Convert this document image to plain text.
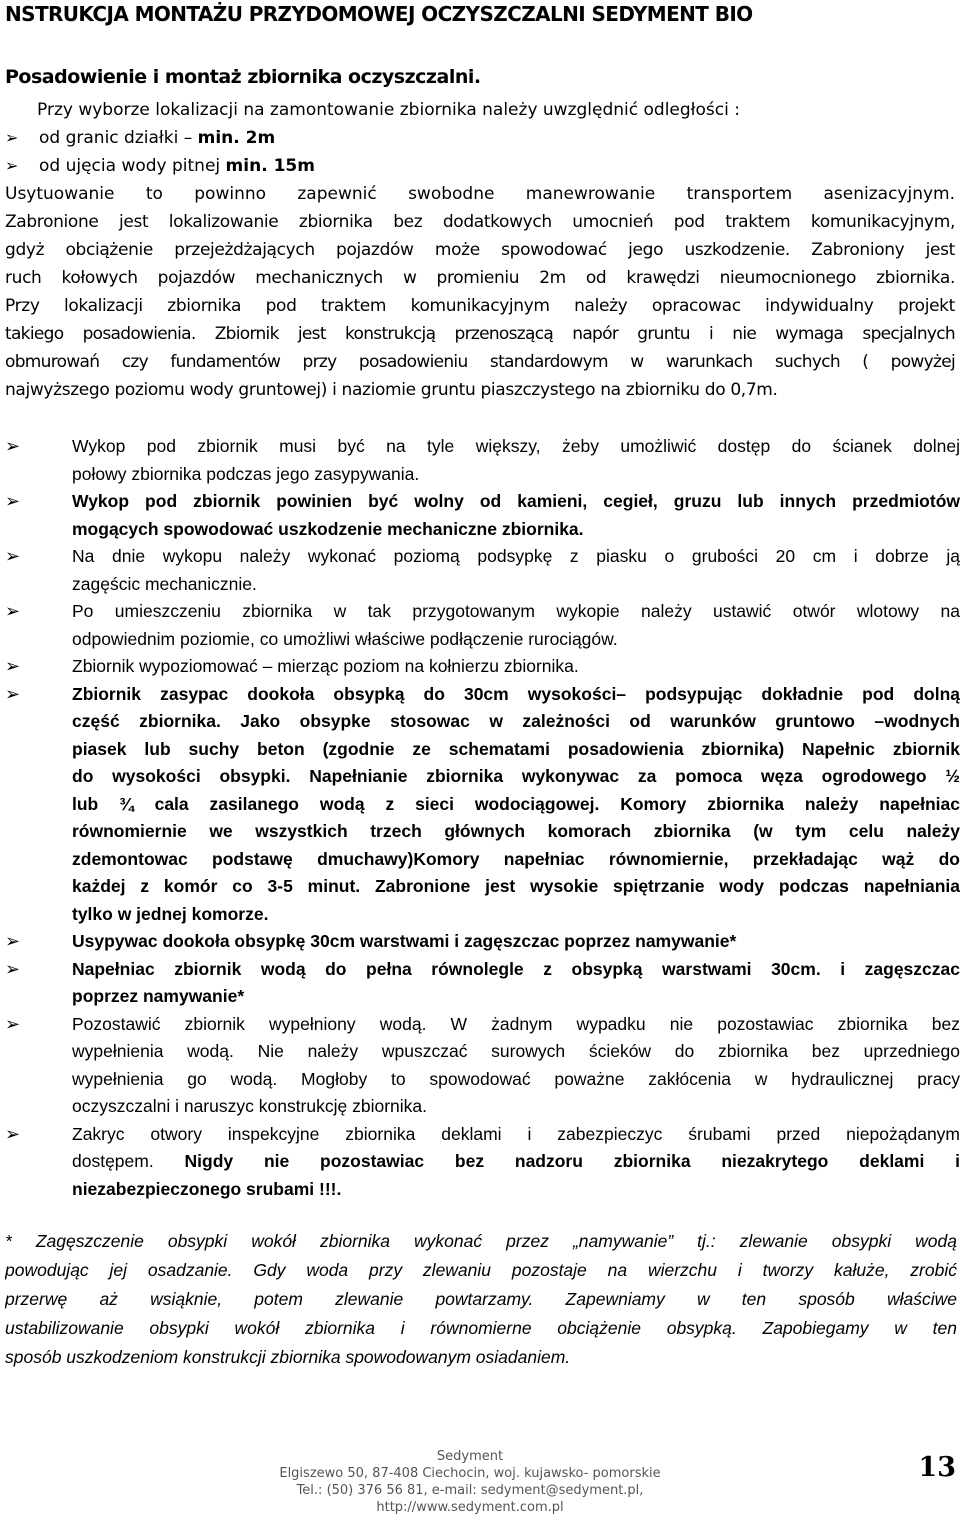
NSTRUKCJA MONTAŻU PRZYDOMOWEJ OCZYSZCZALNI SEDYMENT BIO
Posadowienie i montaż zbiornika oczyszczalni.
Przy wyborze lokalizacji na zamontowanie zbiornika należy uwzględnić odległości :
➢ od granic działki – min. 2m
➢ od ujęcia wody pitnej min. 15m
Usytuowanie to powinno zapewnić swobodne manewrowanie transportem asenizacyjnym.
Zabronione jest lokalizowanie zbiornika bez dodatkowych umocnień pod traktem komunikacyjnym,
gdyż obciążenie przejeżdżających pojazdów może spowodować jego uszkodzenie. Zabroniony jest
ruch kołowych pojazdów mechanicznych w promieniu 2m od krawędzi nieumocnionego zbiornika.
Przy lokalizacji zbiornika pod traktem komunikacyjnym należy opracowac indywidualny projekt
takiego posadowienia. Zbiornik jest konstrukcją przenoszącą napór gruntu i nie wymaga specjalnych
obmurowań czy fundamentów przy posadowieniu standardowym w warunkach suchych ( powyżej
najwyższego poziomu wody gruntowej) i naziomie gruntu piaszczystego na zbiorniku do 0,7m.
➢	Wykop pod zbiornik musi być na tyle większy, żeby umożliwić dostęp do ścianek dolnej
połowy zbiornika podczas jego zasypywania.
➢	Wykop pod zbiornik powinien być wolny od kamieni, cegieł, gruzu lub innych przedmiotów
mogących spowodować uszkodzenie mechaniczne zbiornika.
➢	Na dnie wykopu należy wykonać poziomą podsypkę z piasku o grubości 20 cm i dobrze ją
zagęścic mechanicznie.
➢	Po umieszczeniu zbiornika w tak przygotowanym wykopie należy ustawić otwór wlotowy na
odpowiednim poziomie, co umożliwi właściwe podłączenie rurociągów.
➢	Zbiornik wypoziomować – mierząc poziom na kołnierzu zbiornika.
➢	Zbiornik zasypac dookoła obsypką do 30cm wysokości– podsypując dokładnie pod dolną
część zbiornika. Jako obsypke stosowac w zależności od warunków gruntowo –wodnych
piasek lub suchy beton (zgodnie ze schematami posadowienia zbiornika) Napełnic zbiornik
do wysokości obsypki. Napełnianie zbiornika wykonywac za pomoca węza ogrodowego ½
lub ¾ cala zasilanego wodą z sieci wodociągowej. Komory zbiornika należy napełniac
równomiernie we wszystkich trzech głównych komorach zbiornika (w tym celu należy
zdemontowac podstawę dmuchawy)Komory napełniac równomiernie, przekładając wąż do
każdej z komór co 3-5 minut. Zabronione jest wysokie spiętrzanie wody podczas napełniania
tylko w jednej komorze.
➢	Usypywac dookoła obsypkę 30cm warstwami i zagęszczac poprzez namywanie*
➢	Napełniac zbiornik wodą do pełna równolegle z obsypką warstwami 30cm. i zagęszczac
poprzez namywanie*
➢	Pozostawić zbiornik wypełniony wodą. W żadnym wypadku nie pozostawiac zbiornika bez
wypełnienia wodą. Nie należy wpuszczać surowych ścieków do zbiornika bez uprzedniego
wypełnienia go wodą. Mogłoby to spowodować poważne zakłócenia w hydraulicznej pracy
oczyszczalni i naruszyc konstrukcję zbiornika.
➢	Zakryc otwory inspekcyjne zbiornika deklami i zabezpieczyc śrubami przed niepożądanym
dostępem. Nigdy nie pozostawiac bez nadzoru zbiornika niezakrytego deklami i
niezabezpieczonego srubami !!!.
* Zagęszczenie obsypki wokół zbiornika wykonać przez „namywanie” tj.: zlewanie obsypki wodą
powodując jej osadzanie. Gdy woda przy zlewaniu pozostaje na wierzchu i tworzy kałuże, zrobić
przerwę aż wsiąknie, potem zlewanie powtarzamy. Zapewniamy w ten sposób właściwe
ustabilizowanie obsypki wokół zbiornika i równomierne obciążenie obsypką. Zapobiegamy w ten
sposób uszkodzeniom konstrukcji zbiornika spowodowanym osiadaniem.
Sedyment
Elgiszewo 50, 87-408 Ciechocin, woj. kujawsko- pomorskie
Tel.: (50) 376 56 81, e-mail: sedyment@sedyment.pl,
http://www.sedyment.com.pl
13
